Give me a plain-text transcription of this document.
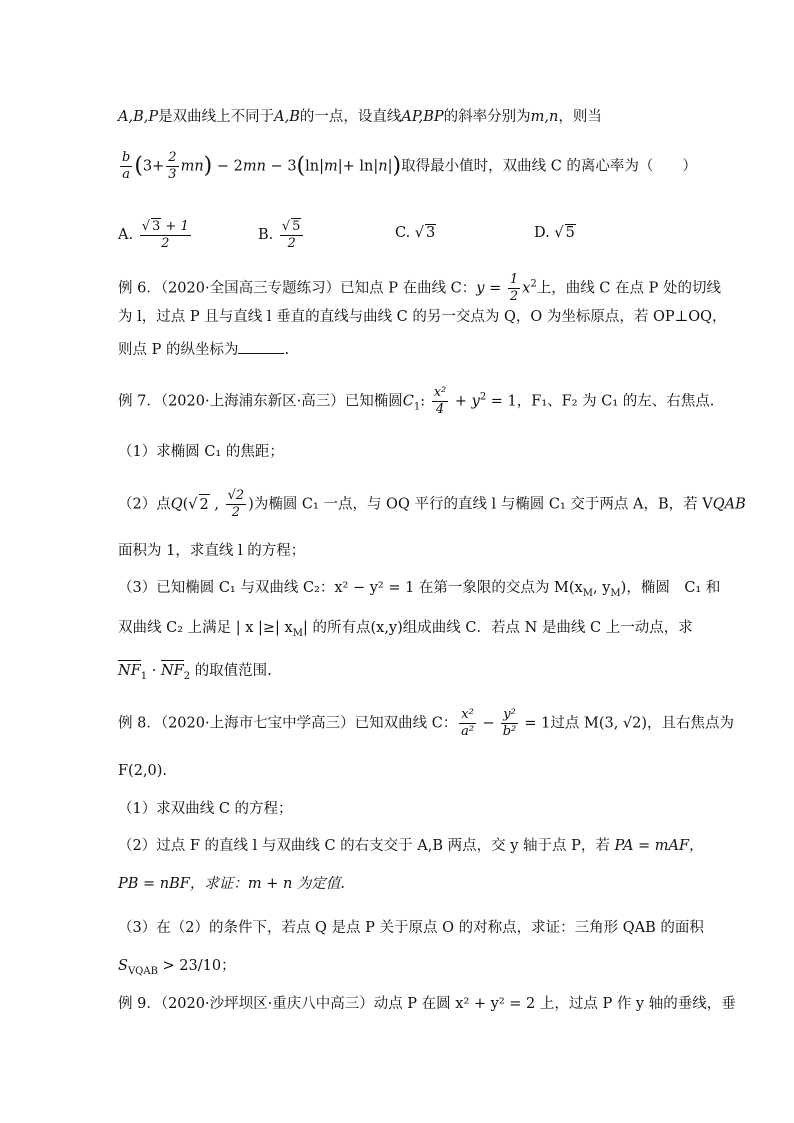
A,B,P是双曲线上不同于A,B的一点，设直线AP,BP的斜率分别为m,n，则当
$\frac{b}{a} (3+ \frac{2}{3} mn) - 2mn - 3(\ln|m|+ \ln|n|)$取得最小值时，双曲线 C 的离心率为（　　）
A. $\frac{√ 3 + 1}{2}$	B. $\frac{√ 5}{2}$	C. √ 3	D. √ 5
例 6．（2020·全国高三专题练习）已知点 P 在曲线 C：$y = \frac{1}{2} x^2$上，曲线 C 在点 P 处的切线
为 l，过点 P 且与直线 l 垂直的直线与曲线 C 的另一交点为 Q，O 为坐标原点，若 OP⊥OQ，
则点 P 的纵坐标为	.
例 7．（2020·上海浦东新区·高三）已知椭圆$C_1$: $\frac{\text{x²}}{4} + y^2 = 1$，F₁、F₂ 为 C₁ 的左、右焦点.
（1）求椭圆 C₁ 的焦距；
（2）点Q(√ 2 , $\frac{√2}{2}$ )为椭圆 C₁ 一点，与 OQ 平行的直线 l 与椭圆 C₁ 交于两点 A，B，若 VQAB
面积为 1，求直线 l 的方程；
（3）已知椭圆 C₁ 与双曲线 C₂：x² − y² = 1 在第一象限的交点为 $M(x_M$, $y_M$)，椭圆　C₁ 和
双曲线 C₂ 上满足 | x |≥| $x_M|$ 的所有点(x,y)组成曲线 C．若点 N 是曲线 C 上一动点，求
$NF_1 \cdot NF_2$ 的取值范围.
例 8．（2020·上海市七宝中学高三）已知双曲线 C： $\frac{\text{x²}}{\text{a²}} - \frac{\text{y²}}{\text{b²}} = 1$过点 M(3, √2)，且右焦点为
F(2,0).
（1）求双曲线 C 的方程；
（2）过点 F 的直线 l 与双曲线 C 的右支交于 A,B 两点，交 y 轴于点 P，若 PA = mAF，
PB = nBF，求证：m + n 为定值.
（3）在（2）的条件下，若点 Q 是点 P 关于原点 O 的对称点，求证：三角形 QAB 的面积
$S_{VQAB} > 23/10$；
例 9．（2020·沙坪坝区·重庆八中高三）动点 P 在圆 x² + y² = 2 上，过点 P 作 y 轴的垂线，垂
